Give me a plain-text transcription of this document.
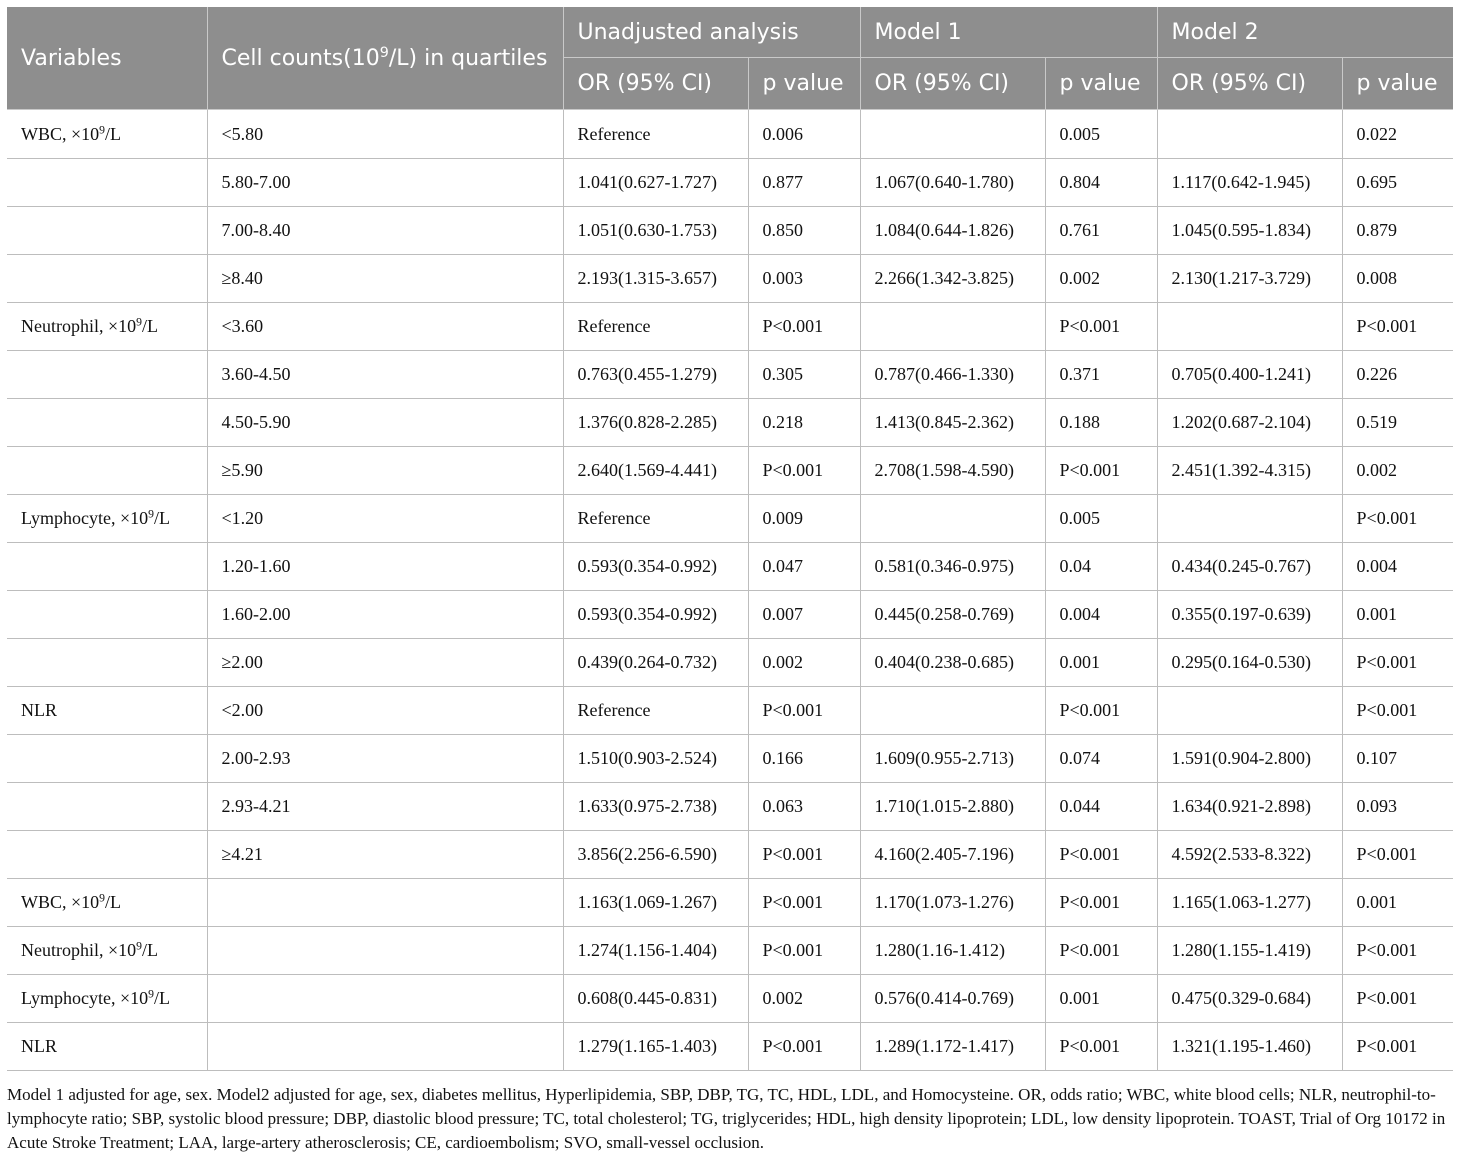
Variables	Cell $counts(10^9/L)$ in quartiles	Unadjusted analysis		Model 1		Model 2	
		OR (95% CI)	p value	OR (95% CI)	p value	OR (95% CI)	p value
WBC, $\times 10^9/L$	<5.80	Reference	0.006		0.005		0.022
	5.80-7.00	1.041(0.627-1.727)	0.877	1.067(0.640-1.780)	0.804	1.117(0.642-1.945)	0.695
	7.00-8.40	1.051(0.630-1.753)	0.850	1.084(0.644-1.826)	0.761	1.045(0.595-1.834)	0.879
	≥8.40	2.193(1.315-3.657)	0.003	2.266(1.342-3.825)	0.002	2.130(1.217-3.729)	0.008
Neutrophil, $\times 10^9/L$	<3.60	Reference	P<0.001		P<0.001		P<0.001
	3.60-4.50	0.763(0.455-1.279)	0.305	0.787(0.466-1.330)	0.371	0.705(0.400-1.241)	0.226
	4.50-5.90	1.376(0.828-2.285)	0.218	1.413(0.845-2.362)	0.188	1.202(0.687-2.104)	0.519
	≥5.90	2.640(1.569-4.441)	P<0.001	2.708(1.598-4.590)	P<0.001	2.451(1.392-4.315)	0.002
Lymphocyte, $\times 10^9/L$	<1.20	Reference	0.009		0.005		P<0.001
	1.20-1.60	0.593(0.354-0.992)	0.047	0.581(0.346-0.975)	0.04	0.434(0.245-0.767)	0.004
	1.60-2.00	0.593(0.354-0.992)	0.007	0.445(0.258-0.769)	0.004	0.355(0.197-0.639)	0.001
	≥2.00	0.439(0.264-0.732)	0.002	0.404(0.238-0.685)	0.001	0.295(0.164-0.530)	P<0.001
NLR	<2.00	Reference	P<0.001		P<0.001		P<0.001
	2.00-2.93	1.510(0.903-2.524)	0.166	1.609(0.955-2.713)	0.074	1.591(0.904-2.800)	0.107
	2.93-4.21	1.633(0.975-2.738)	0.063	1.710(1.015-2.880)	0.044	1.634(0.921-2.898)	0.093
	≥4.21	3.856(2.256-6.590)	P<0.001	4.160(2.405-7.196)	P<0.001	4.592(2.533-8.322)	P<0.001
WBC, $\times 10^9/L$		1.163(1.069-1.267)	P<0.001	1.170(1.073-1.276)	P<0.001	1.165(1.063-1.277)	0.001
Neutrophil, $\times 10^9/L$		1.274(1.156-1.404)	P<0.001	1.280(1.16-1.412)	P<0.001	1.280(1.155-1.419)	P<0.001
Lymphocyte, $\times 10^9/L$		0.608(0.445-0.831)	0.002	0.576(0.414-0.769)	0.001	0.475(0.329-0.684)	P<0.001
NLR		1.279(1.165-1.403)	P<0.001	1.289(1.172-1.417)	P<0.001	1.321(1.195-1.460)	P<0.001
Model 1 adjusted for age, sex. Model2 adjusted for age, sex, diabetes mellitus, Hyperlipidemia, SBP, DBP, TG, TC, HDL, LDL, and Homocysteine. OR, odds ratio; WBC, white blood cells; NLR, neutrophil-to-lymphocyte ratio; SBP, systolic blood pressure; DBP, diastolic blood pressure; TC, total cholesterol; TG, triglycerides; HDL, high density lipoprotein; LDL, low density lipoprotein. TOAST, Trial of Org 10172 in Acute Stroke Treatment; LAA, large-artery atherosclerosis; CE, cardioembolism; SVO, small-vessel occlusion.
